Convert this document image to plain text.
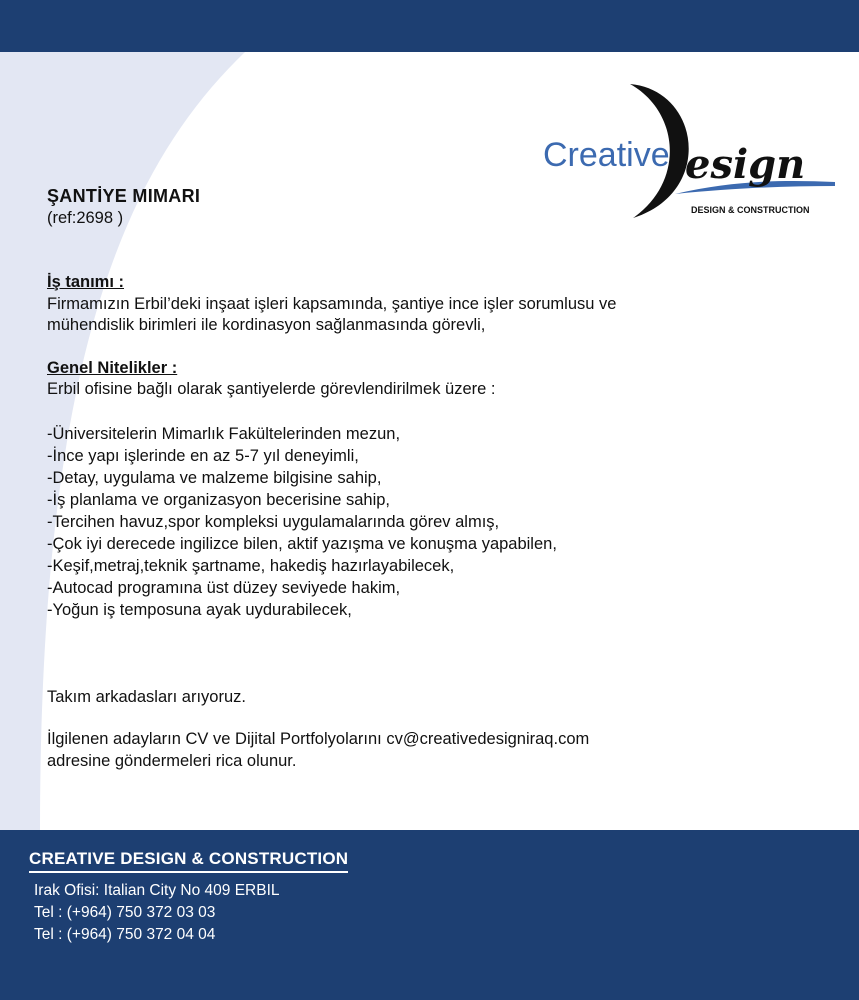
Creative esign
DESIGN & CONSTRUCTION
ŞANTİYE MIMARI
(ref:2698 )
İş tanımı :
Firmamızın Erbil’deki inşaat işleri kapsamında, şantiye ince işler sorumlusu ve
mühendislik birimleri ile kordinasyon sağlanmasında görevli,
Genel Nitelikler :
Erbil ofisine bağlı olarak şantiyelerde görevlendirilmek üzere :
-Üniversitelerin Mimarlık Fakültelerinden mezun,
-İnce yapı işlerinde en az 5-7 yıl deneyimli,
-Detay, uygulama ve malzeme bilgisine sahip,
-İş planlama ve organizasyon becerisine sahip,
-Tercihen havuz,spor kompleksi uygulamalarında görev almış,
-Çok iyi derecede ingilizce bilen, aktif yazışma ve konuşma yapabilen,
-Keşif,metraj,teknik şartname, hakediş hazırlayabilecek,
-Autocad programına üst düzey seviyede hakim,
-Yoğun iş temposuna ayak uydurabilecek,
Takım arkadasları arıyoruz.
İlgilenen adayların CV ve Dijital Portfolyolarını cv@creativedesigniraq.com
adresine göndermeleri rica olunur.
CREATIVE DESIGN & CONSTRUCTION
Irak Ofisi: Italian City No 409 ERBIL
Tel : (+964) 750 372 03 03
Tel : (+964) 750 372 04 04
